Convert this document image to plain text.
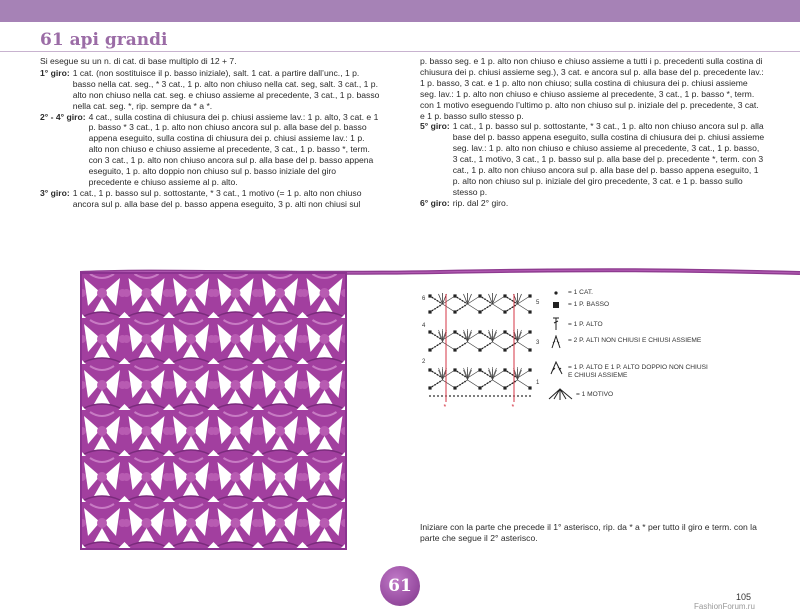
61 api grandi

Si esegue su un n. di cat. di base multiplo di 12 + 7.

1° giro: 1 cat. (non sostituisce il p. basso iniziale), salt. 1 cat. a partire dall’unc., 1 p. basso nella cat. seg., * 3 cat., 1 p. alto non chiuso nella cat. seg, salt. 3 cat., 1 p. alto non chiuso nella cat. seg. e chiuso assieme al precedente, 3 cat., 1 p. basso nella cat. seg. *, rip. sempre da * a *.
2° - 4° giro: 4 cat., sulla costina di chiusura dei p. chiusi assieme lav.: 1 p. alto, 3 cat. e 1 p. basso * 3 cat., 1 p. alto non chiuso ancora sul p. alla base del p. basso appena eseguito, sulla costina di chiusura dei p. chiusi assieme lav.: 1 p. alto non chiuso e chiuso assieme al precedente, 3 cat., 1 p. basso *, term. con 3 cat., 1 p. alto non chiuso ancora sul p. alla base del p. basso appena eseguito, 1 p. alto doppio non chiuso sul p. basso iniziale del giro precedente e chiuso assieme al p. alto.
3° giro: 1 cat., 1 p. basso sul p. sottostante, * 3 cat., 1 motivo (= 1 p. alto non chiuso ancora sul p. alla base del p. basso appena eseguito, 3 p. alti non chiusi sul

p. basso seg. e 1 p. alto non chiuso e chiuso assieme a tutti i p. precedenti sulla costina di chiusura dei p. chiusi assieme seg.), 3 cat. e ancora sul p. alla base del p. precedente lav.: 1 p. basso, 3 cat. e 1 p. alto non chiuso; sulla costina di chiusura dei p. chiusi assieme seg. lav.: 1 p. alto non chiuso e chiuso assieme al precedente, 3 cat., 1 p. basso *, term. con 1 motivo eseguendo l’ultimo p. alto non chiuso sul p. iniziale del p. precedente, 3 cat. e 1 p. basso sullo stesso p.

5° giro: 1 cat., 1 p. basso sul p. sottostante, * 3 cat., 1 p. alto non chiuso ancora sul p. alla base del p. basso appena eseguito, sulla costina di chiusura dei p. chiusi assieme seg. lav.: 1 p. alto non chiuso e chiuso assieme al precedente, 3 cat., 1 p. basso, 3 cat., 1 motivo, 3 cat., 1 p. basso sul p. alla base del p. precedente *, term. con 3 cat., 1 p. alto non chiuso ancora sul p. alla base del p. basso appena eseguito, 1 p. alto non chiuso sul p. iniziale del giro precedente, 3 cat. e 1 p. basso sullo stesso p.
6° giro: rip. dal 2° giro.
*	*
6
5
4
3
2
1
= 1 CAT.
= 1 P. BASSO
= 1 P. ALTO
= 2 P. ALTI NON CHIUSI E CHIUSI ASSIEME
= 1 P. ALTO E 1 P. ALTO DOPPIO NON CHIUSI E CHIUSI ASSIEME
= 1 MOTIVO
Iniziare con la parte che precede il 1° asterisco, rip. da * a * per tutto il giro e term. con la parte che segue il 2° asterisco.
61
105
FashionForum.ru
